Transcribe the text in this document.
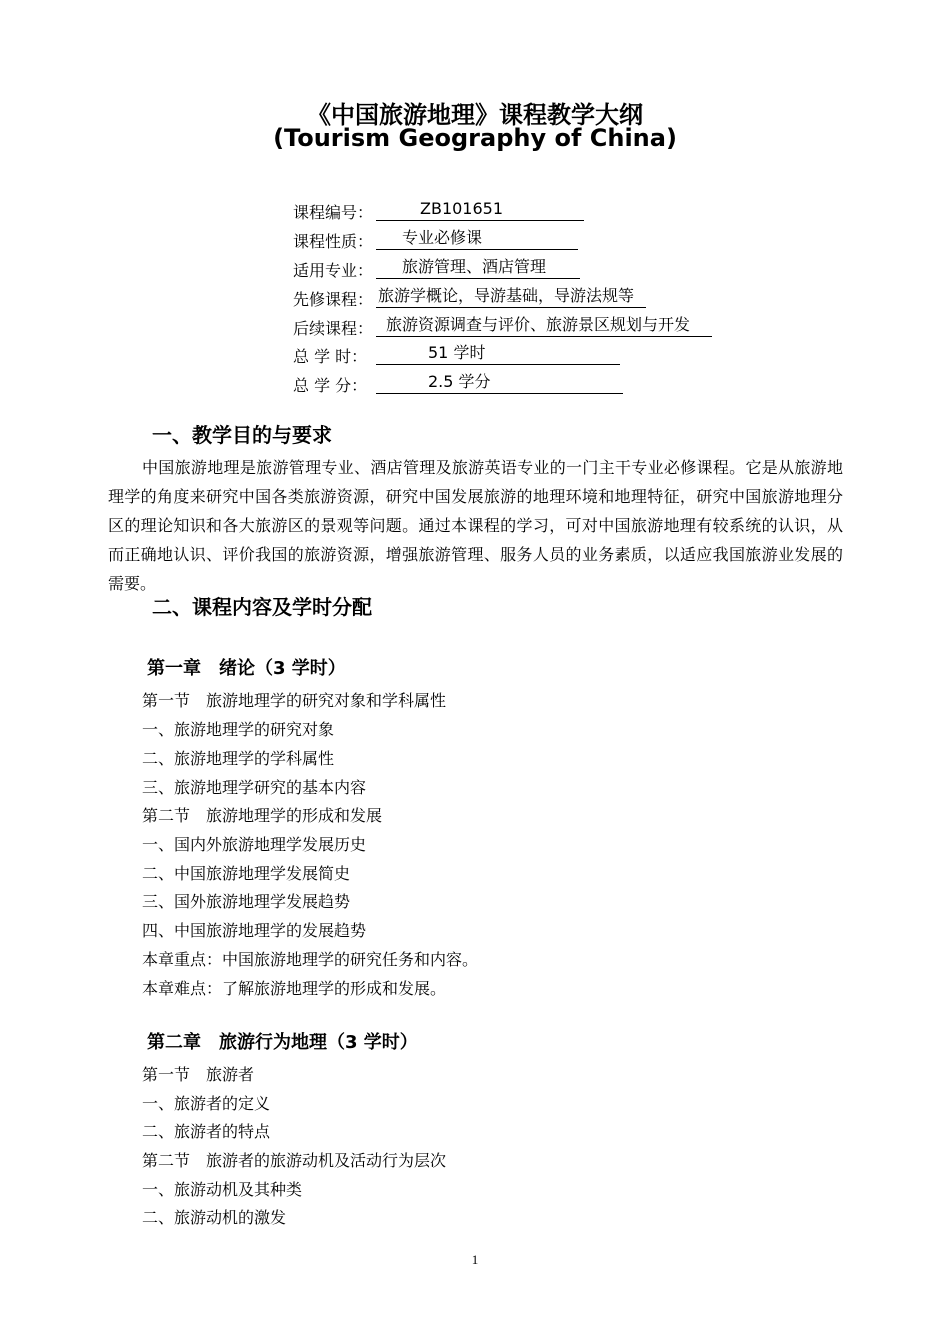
《中国旅游地理》课程教学大纲
(Tourism Geography of China)
课程编号：	ZB101651
课程性质：	专业必修课
适用专业：	旅游管理、酒店管理
先修课程： 旅游学概论，导游基础，导游法规等
后续课程： 旅游资源调查与评价、旅游景区规划与开发
总 学 时：	51 学时
总 学 分：	2.5 学分
一、教学目的与要求
中国旅游地理是旅游管理专业、酒店管理及旅游英语专业的一门主干专业必修课程。它是从旅游地理学的角度来研究中国各类旅游资源，研究中国发展旅游的地理环境和地理特征，研究中国旅游地理分区的理论知识和各大旅游区的景观等问题。通过本课程的学习，可对中国旅游地理有较系统的认识，从而正确地认识、评价我国的旅游资源，增强旅游管理、服务人员的业务素质，以适应我国旅游业发展的需要。
二、课程内容及学时分配
第一章　绪论（3 学时）
第一节　旅游地理学的研究对象和学科属性
一、旅游地理学的研究对象
二、旅游地理学的学科属性
三、旅游地理学研究的基本内容
第二节　旅游地理学的形成和发展
一、国内外旅游地理学发展历史
二、中国旅游地理学发展简史
三、国外旅游地理学发展趋势
四、中国旅游地理学的发展趋势
本章重点：中国旅游地理学的研究任务和内容。
本章难点：了解旅游地理学的形成和发展。
第二章　旅游行为地理（3 学时）
第一节　旅游者
一、旅游者的定义
二、旅游者的特点
第二节　旅游者的旅游动机及活动行为层次
一、旅游动机及其种类
二、旅游动机的激发
1
